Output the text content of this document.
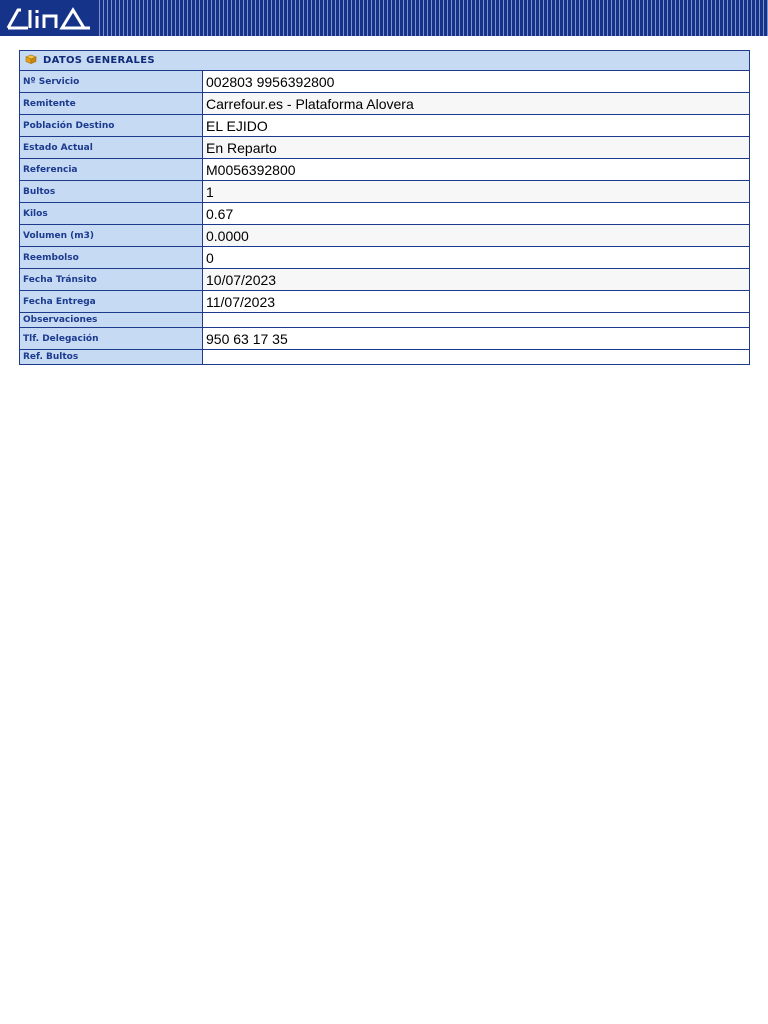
DATOS GENERALES	
Nº Servicio	002803 9956392800
Remitente	Carrefour.es - Plataforma Alovera
Población Destino	EL EJIDO
Estado Actual	En Reparto
Referencia	M0056392800
Bultos	1
Kilos	0.67
Volumen (m3)	0.0000
Reembolso	0
Fecha Tránsito	10/07/2023
Fecha Entrega	11/07/2023
Observaciones	
Tlf. Delegación	950 63 17 35
Ref. Bultos	
